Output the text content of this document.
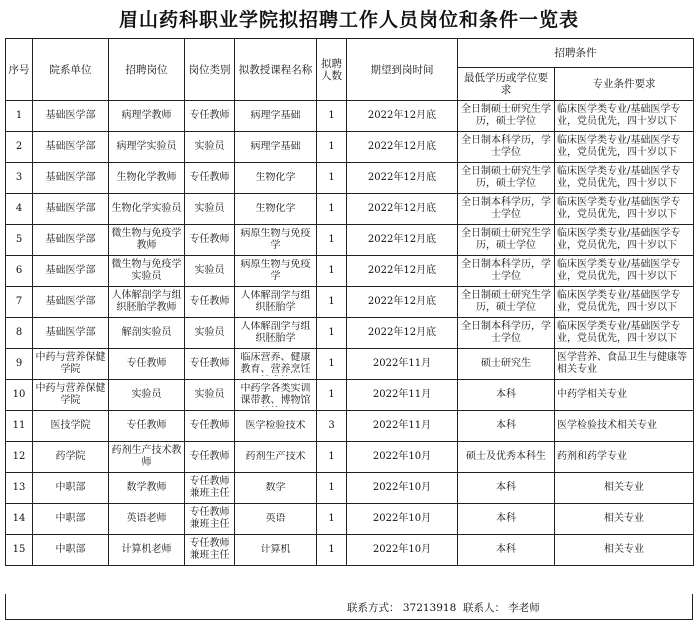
眉山药科职业学院拟招聘工作人员岗位和条件一览表
序号	院系单位	招聘岗位	岗位类别	拟教授课程名称	拟聘人数	期望到岗时间	招聘条件	
							最低学历或学位要求	专业条件要求

1	基础医学部	病理学教师	专任教师	病理学基础	1	2022年12月底	全日制硕士研究生学历，硕士学位	临床医学类专业/基础医学专业，党员优先，四十岁以下

2	基础医学部	病理学实验员	实验员	病理学基础	1	2022年12月底	全日制本科学历，学士学位	临床医学类专业/基础医学专业，党员优先，四十岁以下

3	基础医学部	生物化学教师	专任教师	生物化学	1	2022年12月底	全日制硕士研究生学历，硕士学位	临床医学类专业/基础医学专业，党员优先，四十岁以下

4	基础医学部	生物化学实验员	实验员	生物化学	1	2022年12月底	全日制本科学历，学士学位	临床医学类专业/基础医学专业，党员优先，四十岁以下

5	基础医学部	微生物与免疫学教师	专任教师	病原生物与免疫学	1	2022年12月底	全日制硕士研究生学历，硕士学位	临床医学类专业/基础医学专业，党员优先，四十岁以下

6	基础医学部	微生物与免疫学实验员	实验员	病原生物与免疫学	1	2022年12月底	全日制本科学历，学士学位	临床医学类专业/基础医学专业，党员优先，四十岁以下

7	基础医学部	人体解剖学与组织胚胎学教师	专任教师	人体解剖学与组织胚胎学	1	2022年12月底	全日制硕士研究生学历，硕士学位	临床医学类专业/基础医学专业，党员优先，四十岁以下

8	基础医学部	解剖实验员	实验员	人体解剖学与组织胚胎学	1	2022年12月底	全日制本科学历，学士学位	临床医学类专业/基础医学专业，党员优先，四十岁以下

9	中药与营养保健学院	专任教师	专任教师	临床营养、健康教育、营养烹饪	1	2022年11月	硕士研究生	医学营养、食品卫生与健康等相关专业

10	中药与营养保健学院	实验员	实验员	中药学各类实训课带教、博物馆	1	2022年11月	本科	中药学相关专业

11	医技学院	专任教师	专任教师	医学检验技术	3	2022年11月	本科	医学检验技术相关专业

12	药学院	药剂生产技术教师	专任教师	药剂生产技术	1	2022年10月	硕士及优秀本科生	药剂和药学专业

13	中职部	数学教师	专任教师兼班主任	数学	1	2022年10月	本科	相关专业

14	中职部	英语老师	专任教师兼班主任	英语	1	2022年10月	本科	相关专业

15	中职部	计算机老师	专任教师兼班主任	计算机	1	2022年10月	本科	相关专业
联系方式： 37213918  联系人： 李老师
